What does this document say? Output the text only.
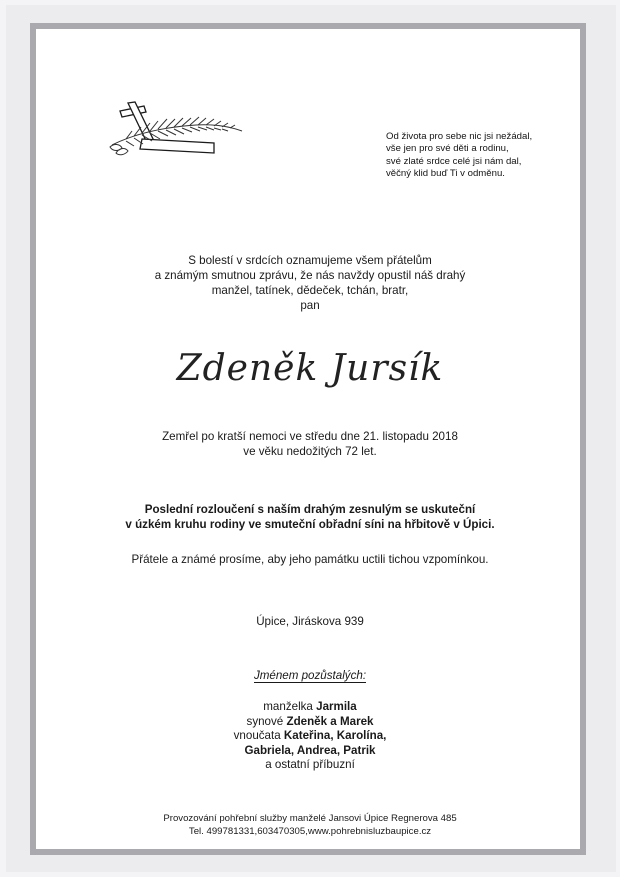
Od života pro sebe nic jsi nežádal,
vše jen pro své děti a rodinu,
své zlaté srdce celé jsi nám dal,
věčný klid buď Ti v odměnu.
S bolestí v srdcích oznamujeme všem přátelům
a známým smutnou zprávu, že nás navždy opustil náš drahý
manžel, tatínek, dědeček, tchán, bratr,
pan
Zdeněk Jursík
Zemřel po kratší nemoci ve středu dne 21. listopadu 2018
ve věku nedožitých 72 let.
Poslední rozloučení s naším drahým zesnulým se uskuteční
v úzkém kruhu rodiny ve smuteční obřadní síni na hřbitově v Úpici.
Přátele a známé prosíme, aby jeho památku uctili tichou vzpomínkou.
Úpice, Jiráskova 939
Jménem pozůstalých:
manželka Jarmila
synové Zdeněk a Marek
vnoučata Kateřina, Karolína,
Gabriela, Andrea, Patrik
a ostatní příbuzní
Provozování pohřební služby manželé Jansovi Úpice Regnerova 485
Tel. 499781331,603470305,www.pohrebnisluzbaupice.cz
